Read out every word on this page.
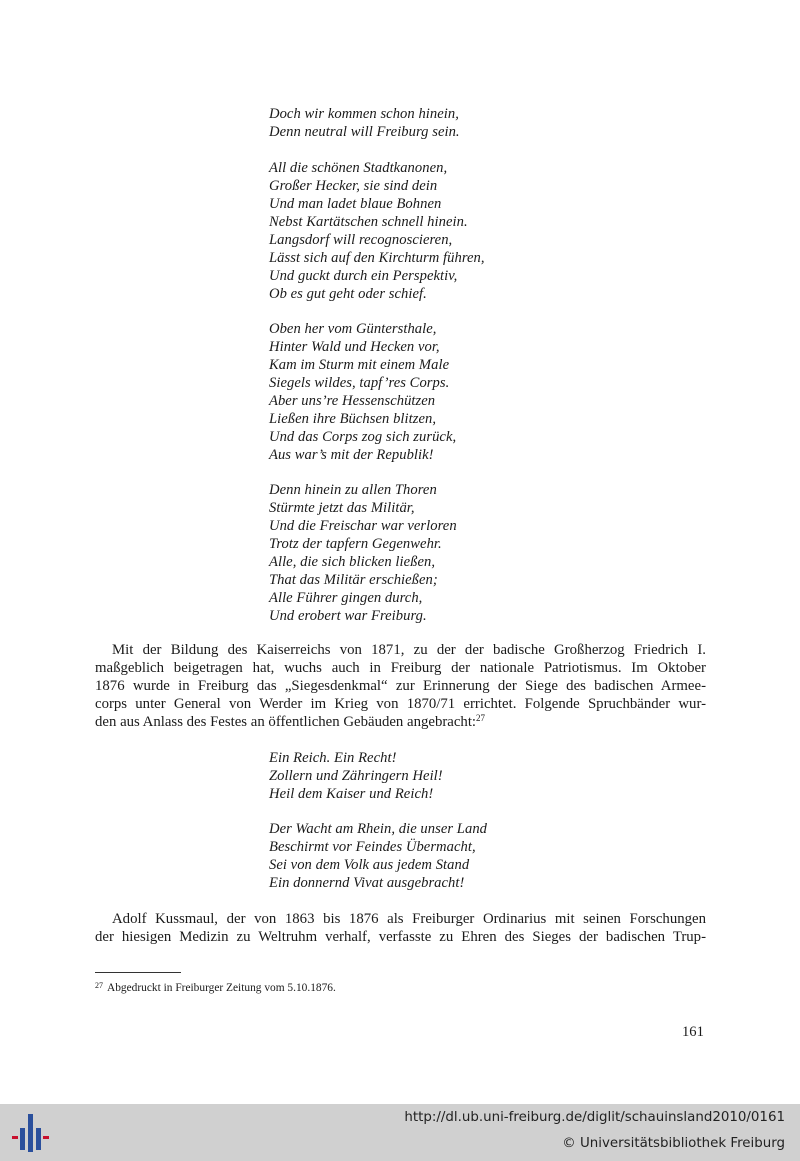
Doch wir kommen schon hinein,
Denn neutral will Freiburg sein.
All die schönen Stadtkanonen,
Großer Hecker, sie sind dein
Und man ladet blaue Bohnen
Nebst Kartätschen schnell hinein.
Langsdorf will recognoscieren,
Lässt sich auf den Kirchturm führen,
Und guckt durch ein Perspektiv,
Ob es gut geht oder schief.
Oben her vom Güntersthale,
Hinter Wald und Hecken vor,
Kam im Sturm mit einem Male
Siegels wildes, tapf’res Corps.
Aber uns’re Hessenschützen
Ließen ihre Büchsen blitzen,
Und das Corps zog sich zurück,
Aus war’s mit der Republik!
Denn hinein zu allen Thoren
Stürmte jetzt das Militär,
Und die Freischar war verloren
Trotz der tapfern Gegenwehr.
Alle, die sich blicken ließen,
That das Militär erschießen;
Alle Führer gingen durch,
Und erobert war Freiburg.
Mit der Bildung des Kaiserreichs von 1871, zu der der badische Großherzog Friedrich I.
maßgeblich beigetragen hat, wuchs auch in Freiburg der nationale Patriotismus. Im Oktober
1876 wurde in Freiburg das „Siegesdenkmal“ zur Erinnerung der Siege des badischen Armee-
corps unter General von Werder im Krieg von 1870/71 errichtet. Folgende Spruchbänder wur-
den aus Anlass des Festes an öffentlichen Gebäuden angebracht:$^{27}$
Ein Reich. Ein Recht!
Zollern und Zähringern Heil!
Heil dem Kaiser und Reich!
Der Wacht am Rhein, die unser Land
Beschirmt vor Feindes Übermacht,
Sei von dem Volk aus jedem Stand
Ein donnernd Vivat ausgebracht!
Adolf Kussmaul, der von 1863 bis 1876 als Freiburger Ordinarius mit seinen Forschungen
der hiesigen Medizin zu Weltruhm verhalf, verfasste zu Ehren des Sieges der badischen Trup-
$^{27}$ Abgedruckt in Freiburger Zeitung vom 5.10.1876.
161
http://dl.ub.uni-freiburg.de/diglit/schauinsland2010/0161
© Universitätsbibliothek Freiburg
